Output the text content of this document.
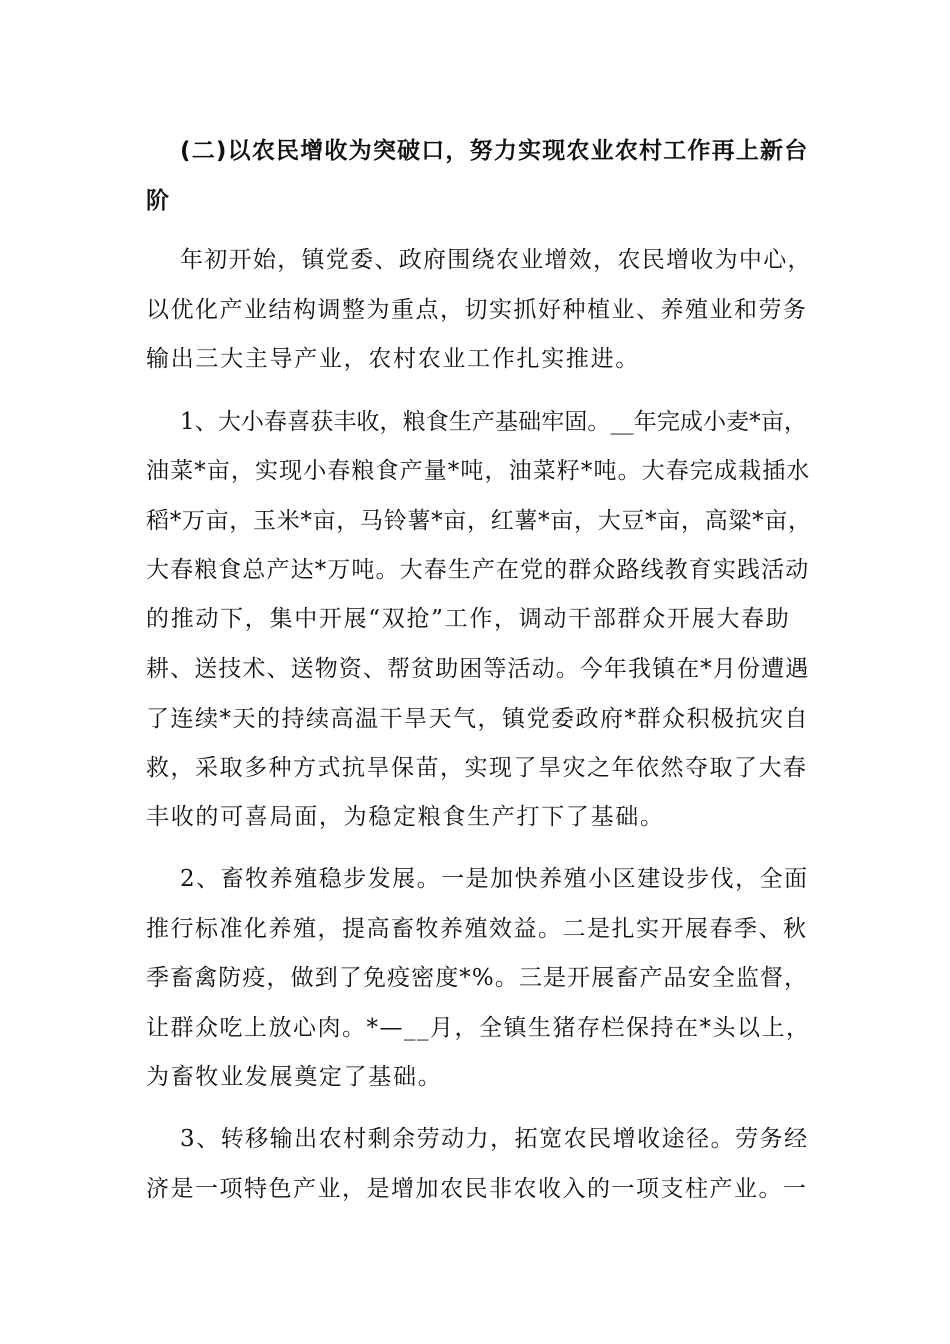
(二)以农民增收为突破口，努力实现农业农村工作再上新台
阶
年初开始，镇党委、政府围绕农业增效，农民增收为中心，
以优化产业结构调整为重点，切实抓好种植业、养殖业和劳务
输出三大主导产业，农村农业工作扎实推进。
1、大小春喜获丰收，粮食生产基础牢固。__年完成小麦*亩，
油菜*亩，实现小春粮食产量*吨，油菜籽*吨。大春完成栽插水
稻*万亩，玉米*亩，马铃薯*亩，红薯*亩，大豆*亩，高粱*亩，
大春粮食总产达*万吨。大春生产在党的群众路线教育实践活动
的推动下，集中开展“双抢”工作，调动干部群众开展大春助
耕、送技术、送物资、帮贫助困等活动。今年我镇在*月份遭遇
了连续*天的持续高温干旱天气，镇党委政府*群众积极抗灾自
救，采取多种方式抗旱保苗，实现了旱灾之年依然夺取了大春
丰收的可喜局面，为稳定粮食生产打下了基础。
2、畜牧养殖稳步发展。一是加快养殖小区建设步伐，全面
推行标准化养殖，提高畜牧养殖效益。二是扎实开展春季、秋
季畜禽防疫，做到了免疫密度*%。三是开展畜产品安全监督，
让群众吃上放心肉。*—__月，全镇生猪存栏保持在*头以上，
为畜牧业发展奠定了基础。
3、转移输出农村剩余劳动力，拓宽农民增收途径。劳务经
济是一项特色产业，是增加农民非农收入的一项支柱产业。一
